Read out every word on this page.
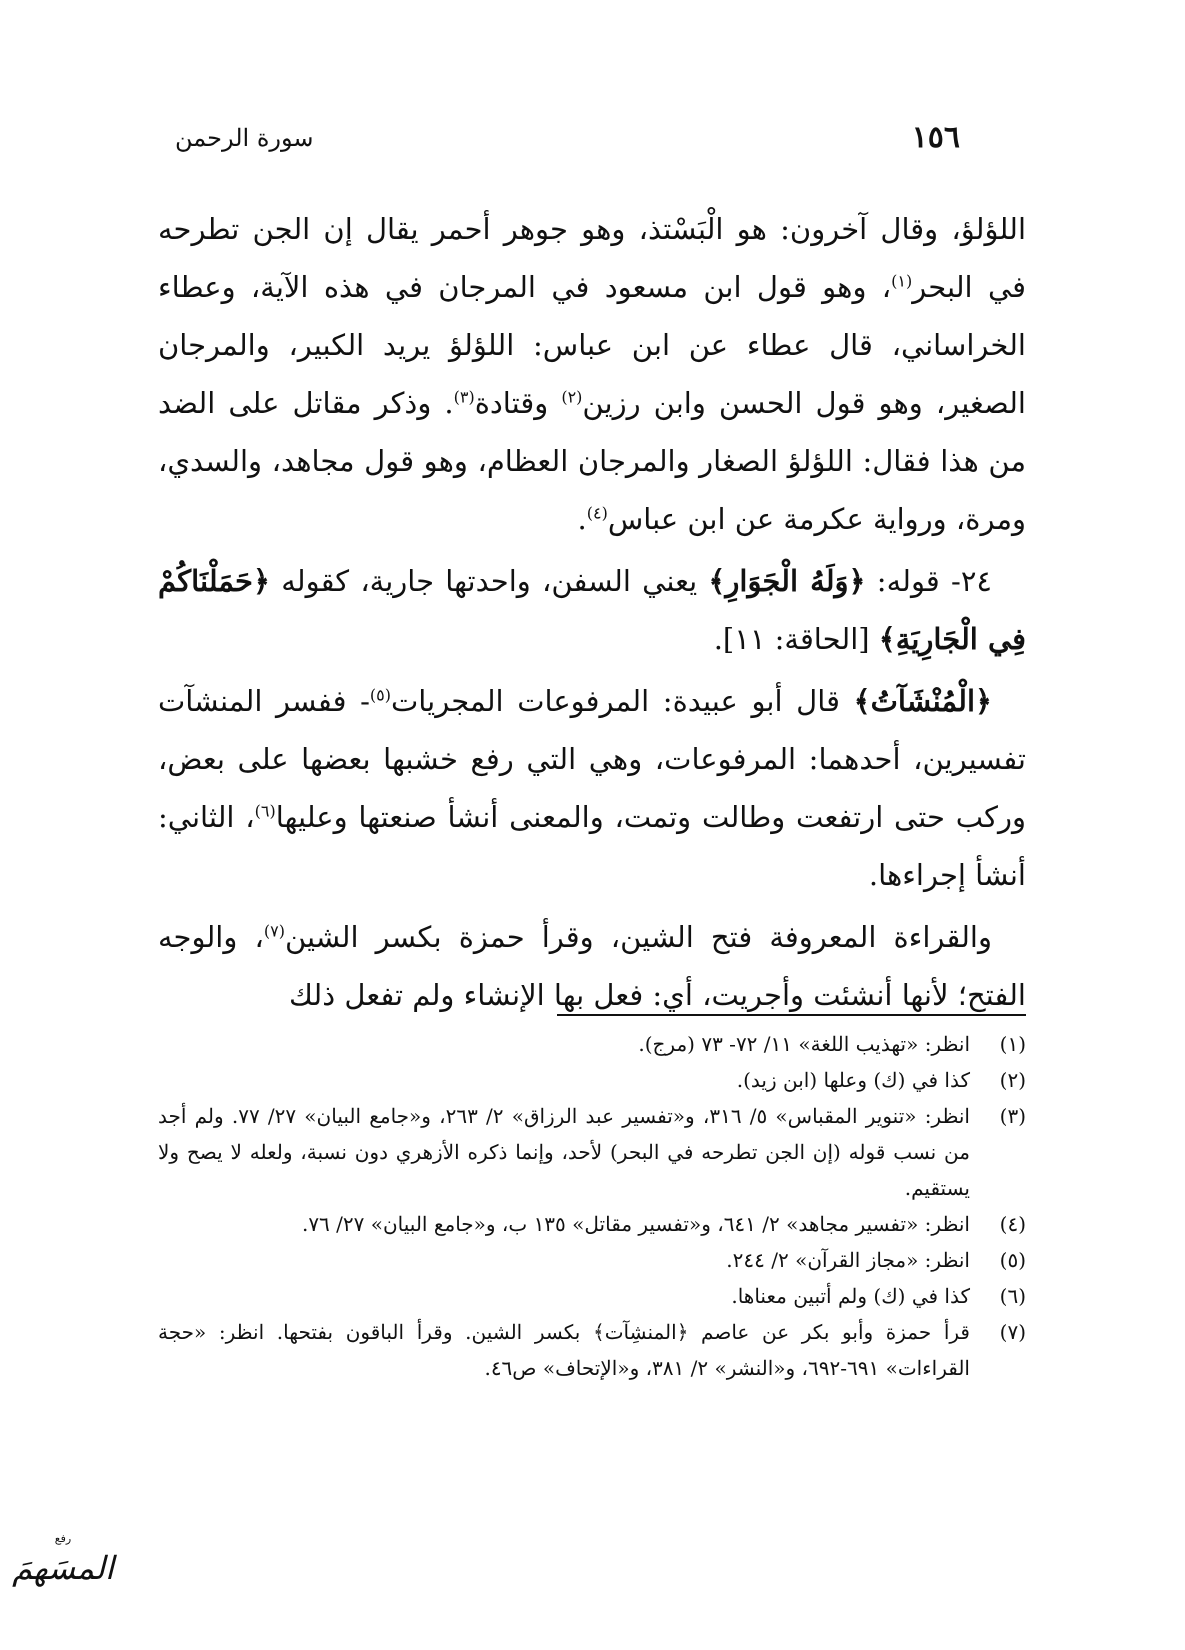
١٥٦
سورة الرحمن

اللؤلؤ، وقال آخرون: هو الْبَسْتذ، وهو جوهر أحمر يقال إن الجن تطرحه في البحر$^{(١)}$، وهو قول ابن مسعود في المرجان في هذه الآية، وعطاء الخراساني، قال عطاء عن ابن عباس: اللؤلؤ يريد الكبير، والمرجان الصغير، وهو قول الحسن وابن رزين$^{(٢)}$ وقتادة$^{(٣)}$. وذكر مقاتل على الضد من هذا فقال: اللؤلؤ الصغار والمرجان العظام، وهو قول مجاهد، والسدي، ومرة، ورواية عكرمة عن ابن عباس$^{(٤)}$.

٢٤- قوله: ﴿وَلَهُ الْجَوَارِ﴾ يعني السفن، واحدتها جارية، كقوله ﴿حَمَلْنَاكُمْ فِي الْجَارِيَةِ﴾ [الحاقة: ١١].

﴿الْمُنْشَآتُ﴾ قال أبو عبيدة: المرفوعات المجريات$^{(٥)}$- ففسر المنشآت تفسيرين، أحدهما: المرفوعات، وهي التي رفع خشبها بعضها على بعض، وركب حتى ارتفعت وطالت وتمت، والمعنى أنشأ صنعتها وعليها$^{(٦)}$، الثاني: أنشأ إجراءها.

والقراءة المعروفة فتح الشين، وقرأ حمزة بكسر الشين$^{(٧)}$، والوجه الفتح؛ لأنها أنشئت وأجريت، أي: فعل بها الإنشاء ولم تفعل ذلك

(١)
انظر: «تهذيب اللغة» ١١/ ٧٢- ٧٣ (مرج).
(٢)
كذا في (ك) وعلها (ابن زيد).
(٣)
انظر: «تنوير المقباس» ٥/ ٣١٦، و«تفسير عبد الرزاق» ٢/ ٢٦٣، و«جامع البيان» ٢٧/ ٧٧. ولم أجد من نسب قوله (إن الجن تطرحه في البحر) لأحد، وإنما ذكره الأزهري دون نسبة، ولعله لا يصح ولا يستقيم.
(٤)
انظر: «تفسير مجاهد» ٢/ ٦٤١، و«تفسير مقاتل» ١٣٥ ب، و«جامع البيان» ٢٧/ ٧٦.
(٥)
انظر: «مجاز القرآن» ٢/ ٢٤٤.
(٦)
كذا في (ك) ولم أتبين معناها.
(٧)
قرأ حمزة وأبو بكر عن عاصم ﴿المنشِآت﴾ بكسر الشين. وقرأ الباقون بفتحها. انظر: «حجة القراءات» ٦٩١-٦٩٢، و«النشر» ٢/ ٣٨١، و«الإتحاف» ص٤٦.
رفع
المسَهمَ
